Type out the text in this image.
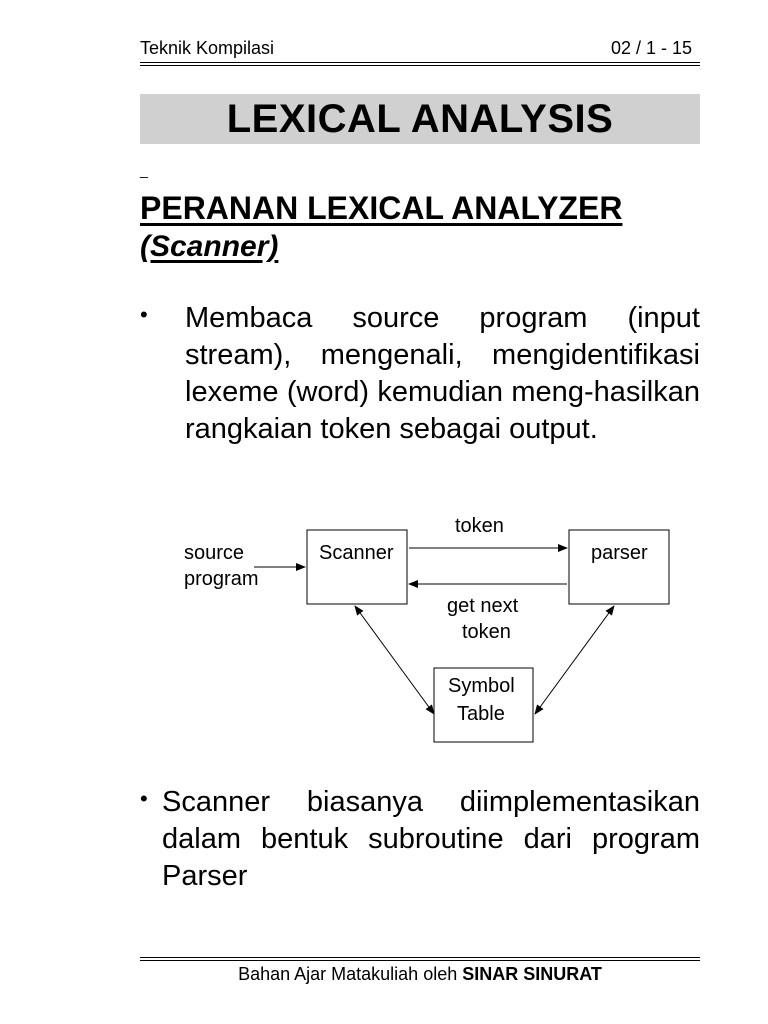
Teknik Kompilasi	02 / 1 - 15
LEXICAL ANALYSIS
_
PERANAN LEXICAL ANALYZER
(Scanner)
• Membaca source program (input stream), mengenali, mengidentifikasi lexeme (word) kemudian meng-hasilkan rangkaian token sebagai output.
source
program
Scanner	parser
token
get next
token
Symbol
Table
• Scanner biasanya diimplementasikan dalam bentuk subroutine dari program Parser
Bahan Ajar Matakuliah oleh SINAR SINURAT
